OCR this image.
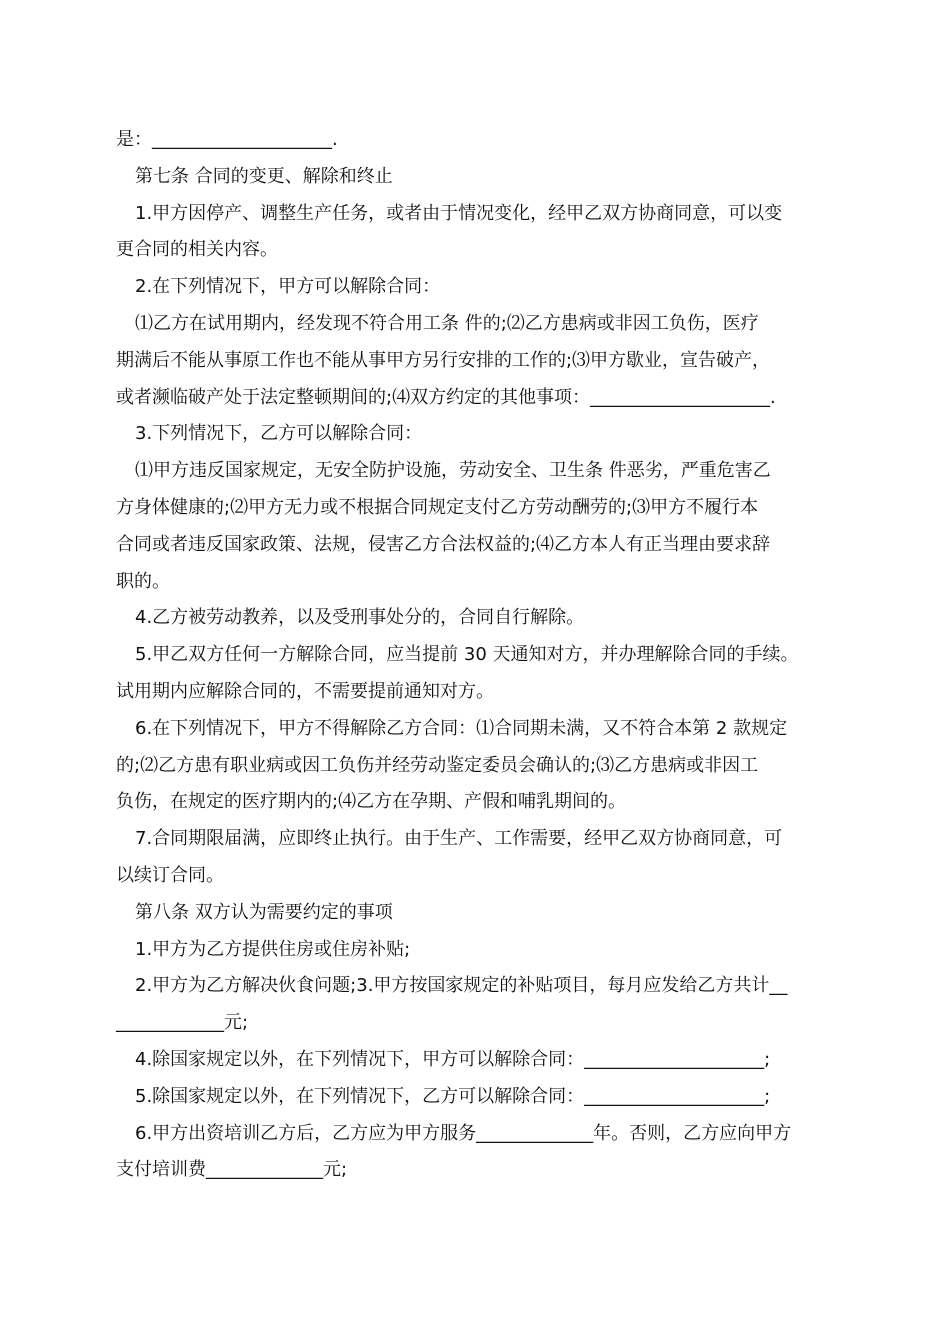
是：____________________.

第七条 合同的变更、解除和终止

1.甲方因停产、调整生产任务，或者由于情况变化，经甲乙双方协商同意，可以变

更合同的相关内容。

2.在下列情况下，甲方可以解除合同：

⑴乙方在试用期内，经发现不符合用工条 件的;⑵乙方患病或非因工负伤，医疗

期满后不能从事原工作也不能从事甲方另行安排的工作的;⑶甲方歇业，宣告破产，

或者濒临破产处于法定整顿期间的;⑷双方约定的其他事项：____________________.

3.下列情况下，乙方可以解除合同：

⑴甲方违反国家规定，无安全防护设施，劳动安全、卫生条 件恶劣，严重危害乙

方身体健康的;⑵甲方无力或不根据合同规定支付乙方劳动酬劳的;⑶甲方不履行本

合同或者违反国家政策、法规，侵害乙方合法权益的;⑷乙方本人有正当理由要求辞

职的。

4.乙方被劳动教养，以及受刑事处分的，合同自行解除。

5.甲乙双方任何一方解除合同，应当提前 30 天通知对方，并办理解除合同的手续。

试用期内应解除合同的，不需要提前通知对方。

6.在下列情况下，甲方不得解除乙方合同：⑴合同期未满，又不符合本第 2 款规定

的;⑵乙方患有职业病或因工负伤并经劳动鉴定委员会确认的;⑶乙方患病或非因工

负伤，在规定的医疗期内的;⑷乙方在孕期、产假和哺乳期间的。

7.合同期限届满，应即终止执行。由于生产、工作需要，经甲乙双方协商同意，可

以续订合同。

第八条 双方认为需要约定的事项

1.甲方为乙方提供住房或住房补贴;

2.甲方为乙方解决伙食问题;3.甲方按国家规定的补贴项目，每月应发给乙方共计__

____________元;

4.除国家规定以外，在下列情况下，甲方可以解除合同：____________________;

5.除国家规定以外，在下列情况下，乙方可以解除合同：____________________;

6.甲方出资培训乙方后，乙方应为甲方服务_____________年。否则，乙方应向甲方

支付培训费_____________元;
